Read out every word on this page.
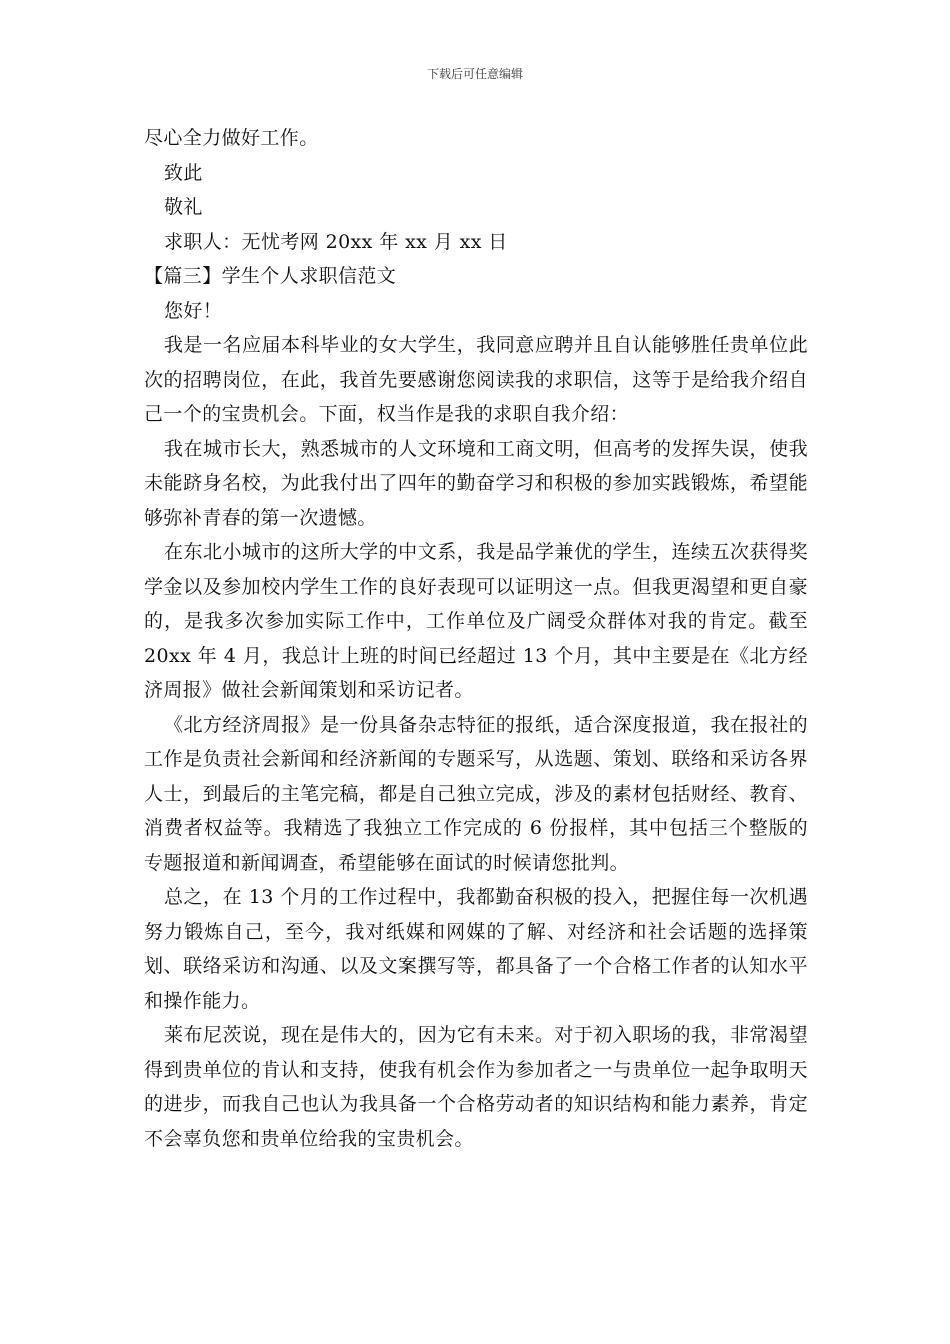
下载后可任意编辑

尽心全力做好工作。

致此

敬礼

求职人：无忧考网 20xx 年 xx 月 xx 日

【篇三】学生个人求职信范文

您好！

我是一名应届本科毕业的女大学生，我同意应聘并且自认能够胜任贵单位此次的招聘岗位，在此，我首先要感谢您阅读我的求职信，这等于是给我介绍自己一个的宝贵机会。下面，权当作是我的求职自我介绍：

我在城市长大，熟悉城市的人文环境和工商文明，但高考的发挥失误，使我未能跻身名校，为此我付出了四年的勤奋学习和积极的参加实践锻炼，希望能够弥补青春的第一次遗憾。

在东北小城市的这所大学的中文系，我是品学兼优的学生，连续五次获得奖学金以及参加校内学生工作的良好表现可以证明这一点。但我更渴望和更自豪的，是我多次参加实际工作中，工作单位及广阔受众群体对我的肯定。截至 20xx 年 4 月，我总计上班的时间已经超过 13 个月，其中主要是在《北方经济周报》做社会新闻策划和采访记者。

《北方经济周报》是一份具备杂志特征的报纸，适合深度报道，我在报社的工作是负责社会新闻和经济新闻的专题采写，从选题、策划、联络和采访各界人士，到最后的主笔完稿，都是自己独立完成，涉及的素材包括财经、教育、消费者权益等。我精选了我独立工作完成的 6 份报样，其中包括三个整版的专题报道和新闻调查，希望能够在面试的时候请您批判。

总之，在 13 个月的工作过程中，我都勤奋积极的投入，把握住每一次机遇努力锻炼自己，至今，我对纸媒和网媒的了解、对经济和社会话题的选择策划、联络采访和沟通、以及文案撰写等，都具备了一个合格工作者的认知水平和操作能力。

莱布尼茨说，现在是伟大的，因为它有未来。对于初入职场的我，非常渴望得到贵单位的肯认和支持，使我有机会作为参加者之一与贵单位一起争取明天的进步，而我自己也认为我具备一个合格劳动者的知识结构和能力素养，肯定不会辜负您和贵单位给我的宝贵机会。
